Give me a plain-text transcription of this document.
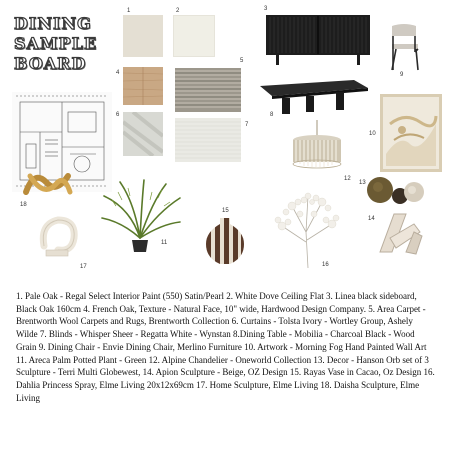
DINING
SAMPLE
BOARD
1	2	3
9
4
5
6
7
8
12
10
13
14
18
11
15
16
17
1. Pale Oak - Regal Select Interior Paint (550) Satin/Pearl 2. White Dove Ceiling Flat 3. Linea black sideboard, Black Oak 160cm 4. French Oak, Texture - Natural Face, 10" wide, Hardwood Design Company. 5. Area Carpet - Brentworth Wool Carpets and Rugs, Brentworth Collection 6. Curtains - Tolsta Ivory - Wortley Group, Ashely Wilde 7. Blinds - Whisper Sheer - Regatta White - Wynstan 8.Dining Table - Mobilia - Charcoal Black - Wood Grain 9. Dining Chair - Envie Dining Chair, Merlino Furniture 10. Artwork - Morning Fog Hand Painted Wall Art 11. Areca Palm Potted Plant - Green 12. Alpine Chandelier - Oneworld Collection 13. Decor - Hanson Orb set of 3 Sculpture - Terri Multi Globewest, 14. Apion Sculpture - Beige, OZ Design 15. Rayas Vase in Cacao, Oz Design 16. Dahlia Princess Spray, Elme Living 20x12x69cm 17. Home Sculpture, Elme Living 18. Daisha Sculpture, Elme Living
